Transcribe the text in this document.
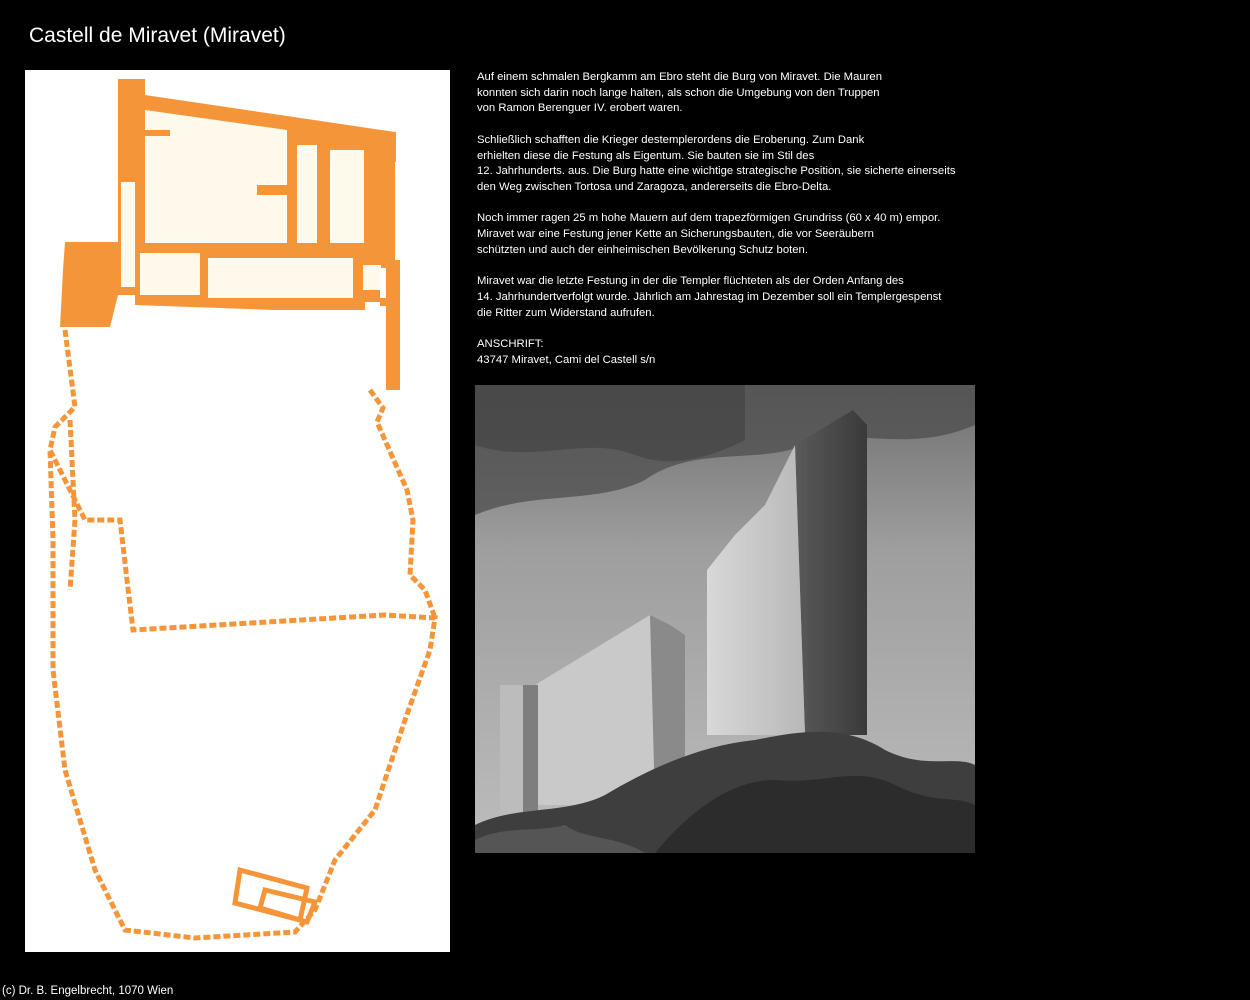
Castell de Miravet (Miravet)

Auf einem schmalen Bergkamm am Ebro steht die Burg von Miravet. Die Mauren
konnten sich darin noch lange halten, als schon die Umgebung von den Truppen
von Ramon Berenguer IV. erobert waren.

Schließlich schafften die Krieger destemplerordens die Eroberung. Zum Dank
erhielten diese die Festung als Eigentum. Sie bauten sie im Stil des
12. Jahrhunderts. aus. Die Burg hatte eine wichtige strategische Position, sie sicherte einerseits
den Weg zwischen Tortosa und Zaragoza, andererseits die Ebro-Delta.

Noch immer ragen 25 m hohe Mauern auf dem trapezförmigen Grundriss (60 x 40 m) empor.
Miravet war eine Festung jener Kette an Sicherungsbauten, die vor Seeräubern
schützten und auch der einheimischen Bevölkerung Schutz boten.

Miravet war die letzte Festung in der die Templer flüchteten als der Orden Anfang des
14. Jahrhundertverfolgt wurde. Jährlich am Jahrestag im Dezember soll ein Templergespenst
die Ritter zum Widerstand aufrufen.

ANSCHRIFT:
43747 Miravet, Cami del Castell s/n
(c) Dr. B. Engelbrecht, 1070 Wien
